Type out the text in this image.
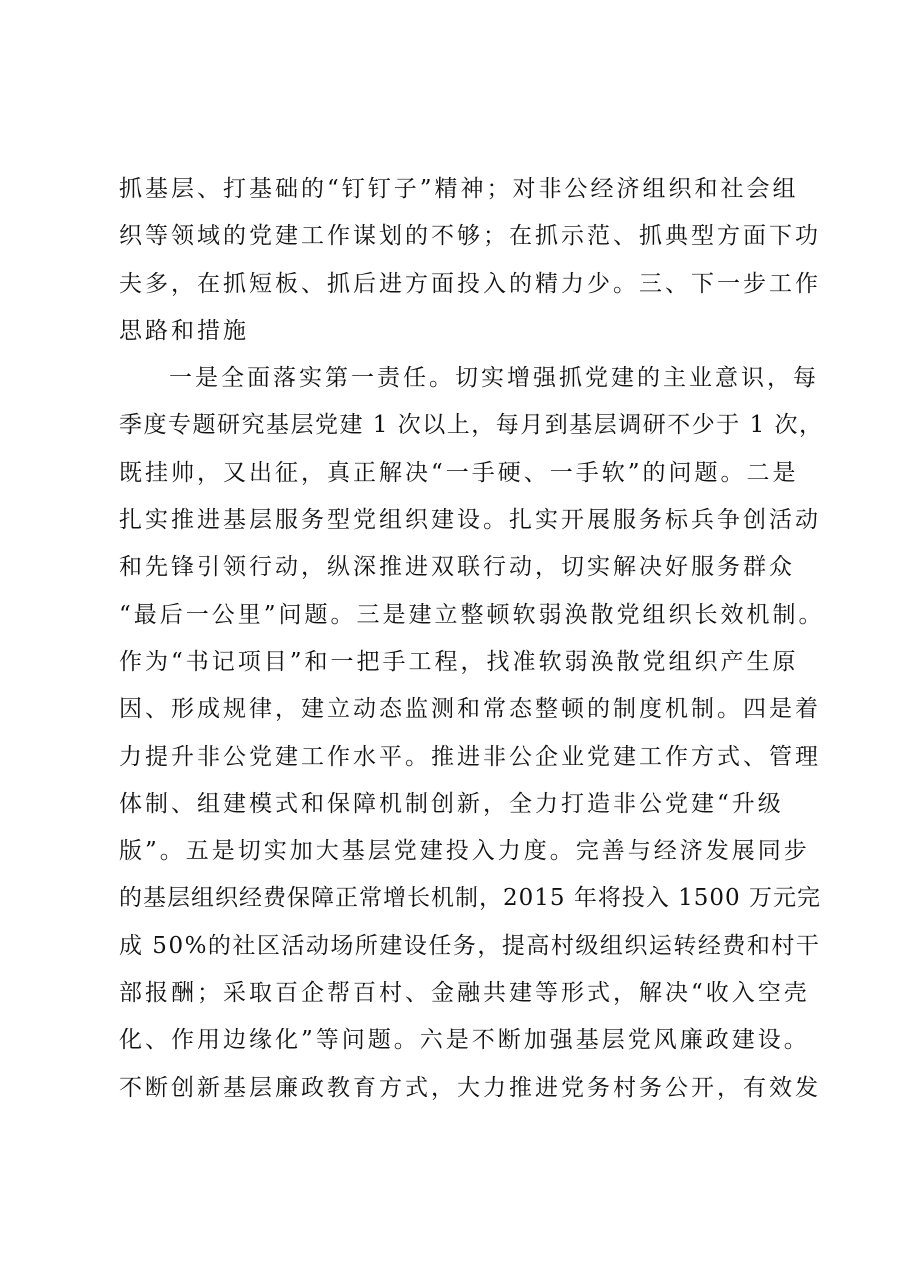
抓基层、打基础的“钉钉子”精神；对非公经济组织和社会组
织等领域的党建工作谋划的不够；在抓示范、抓典型方面下功
夫多，在抓短板、抓后进方面投入的精力少。三、下一步工作
思路和措施
一是全面落实第一责任。切实增强抓党建的主业意识，每
季度专题研究基层党建 1 次以上，每月到基层调研不少于 1 次，
既挂帅，又出征，真正解决“一手硬、一手软”的问题。二是
扎实推进基层服务型党组织建设。扎实开展服务标兵争创活动
和先锋引领行动，纵深推进双联行动，切实解决好服务群众
“最后一公里”问题。三是建立整顿软弱涣散党组织长效机制。
作为“书记项目”和一把手工程，找准软弱涣散党组织产生原
因、形成规律，建立动态监测和常态整顿的制度机制。四是着
力提升非公党建工作水平。推进非公企业党建工作方式、管理
体制、组建模式和保障机制创新，全力打造非公党建“升级
版”。五是切实加大基层党建投入力度。完善与经济发展同步
的基层组织经费保障正常增长机制，2015 年将投入 1500 万元完
成 50%的社区活动场所建设任务，提高村级组织运转经费和村干
部报酬；采取百企帮百村、金融共建等形式，解决“收入空壳
化、作用边缘化”等问题。六是不断加强基层党风廉政建设。
不断创新基层廉政教育方式，大力推进党务村务公开，有效发
